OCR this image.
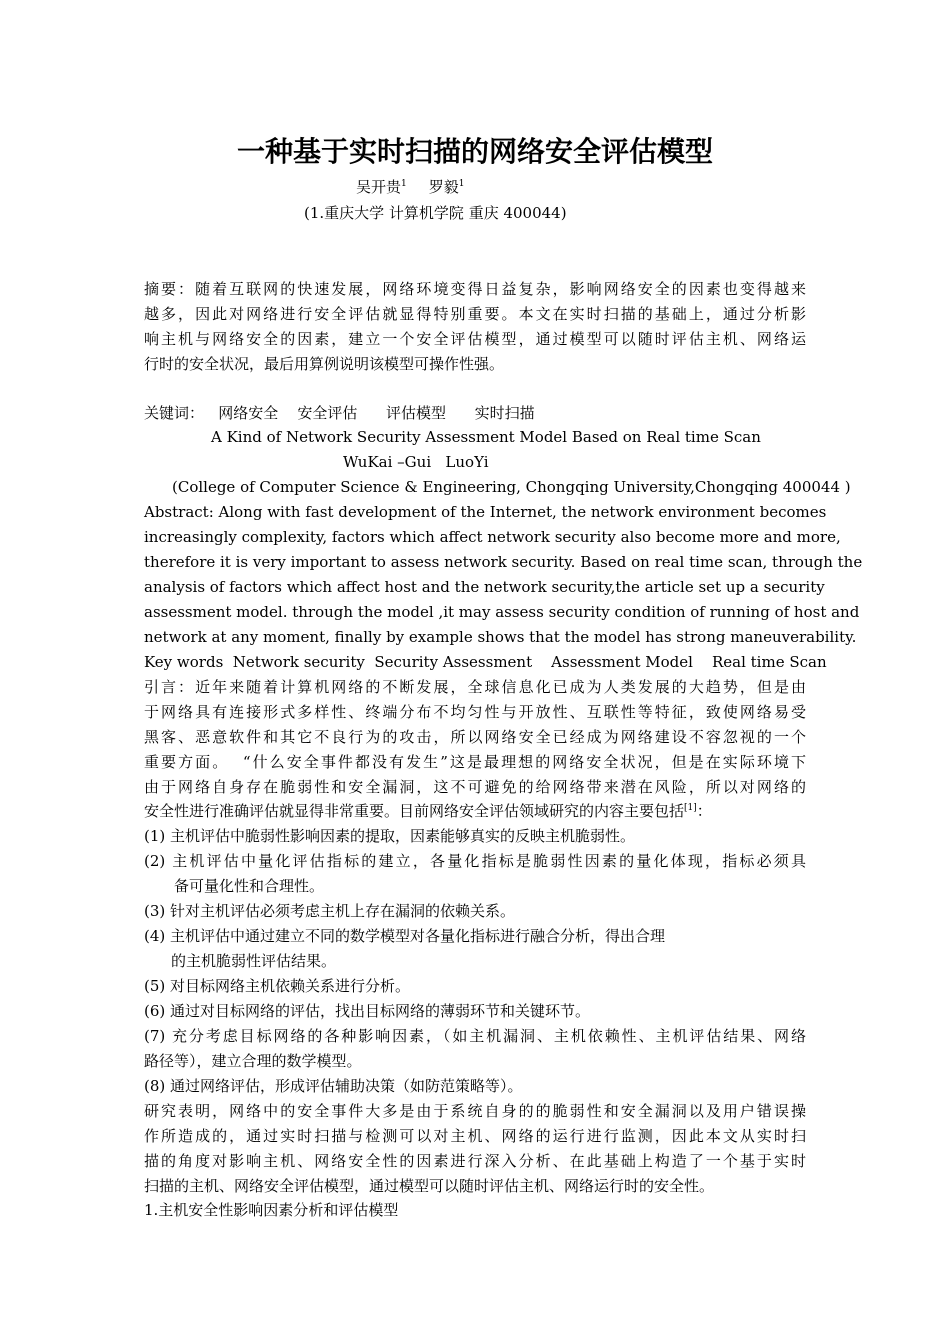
一种基于实时扫描的网络安全评估模型
吴开贵$^1$ 罗毅$^1$
(1.重庆大学 计算机学院 重庆 400044)
摘要：随着互联网的快速发展，网络环境变得日益复杂，影响网络安全的因素也变得越来
越多，因此对网络进行安全评估就显得特别重要。本文在实时扫描的基础上，通过分析影
响主机与网络安全的因素，建立一个安全评估模型，通过模型可以随时评估主机、网络运
行时的安全状况，最后用算例说明该模型可操作性强。
关键词：   网络安全    安全评估      评估模型      实时扫描
A Kind of Network Security Assessment Model Based on Real time Scan
WuKai –Gui   LuoYi
(College of Computer Science & Engineering, Chongqing University,Chongqing 400044 )
Abstract: Along with fast development of the Internet, the network environment becomes
increasingly complexity, factors which affect network security also become more and more,
therefore it is very important to assess network security. Based on real time scan, through the
analysis of factors which affect host and the network security,the article set up a security
assessment model. through the model ,it may assess security condition of running of host and
network at any moment, finally by example shows that the model has strong maneuverability.
Key words  Network security  Security Assessment    Assessment Model    Real time Scan
引言：近年来随着计算机网络的不断发展，全球信息化已成为人类发展的大趋势，但是由
于网络具有连接形式多样性、终端分布不均匀性与开放性、互联性等特征，致使网络易受
黑客、恶意软件和其它不良行为的攻击，所以网络安全已经成为网络建设不容忽视的一个
重要方面。  “什么安全事件都没有发生”这是最理想的网络安全状况，但是在实际环境下
由于网络自身存在脆弱性和安全漏洞，这不可避免的给网络带来潜在风险，所以对网络的
安全性进行准确评估就显得非常重要。目前网络安全评估领域研究的内容主要包括[1]：
(1) 主机评估中脆弱性影响因素的提取，因素能够真实的反映主机脆弱性。
(2) 主机评估中量化评估指标的建立，各量化指标是脆弱性因素的量化体现，指标必须具
备可量化性和合理性。
(3) 针对主机评估必须考虑主机上存在漏洞的依赖关系。
(4) 主机评估中通过建立不同的数学模型对各量化指标进行融合分析，得出合理
的主机脆弱性评估结果。
(5) 对目标网络主机依赖关系进行分析。
(6) 通过对目标网络的评估，找出目标网络的薄弱环节和关键环节。
(7) 充分考虑目标网络的各种影响因素，（如主机漏洞、主机依赖性、主机评估结果、网络
路径等），建立合理的数学模型。
(8) 通过网络评估，形成评估辅助决策（如防范策略等）。
研究表明，网络中的安全事件大多是由于系统自身的的脆弱性和安全漏洞以及用户错误操
作所造成的，通过实时扫描与检测可以对主机、网络的运行进行监测，因此本文从实时扫
描的角度对影响主机、网络安全性的因素进行深入分析、在此基础上构造了一个基于实时
扫描的主机、网络安全评估模型，通过模型可以随时评估主机、网络运行时的安全性。
1.主机安全性影响因素分析和评估模型
